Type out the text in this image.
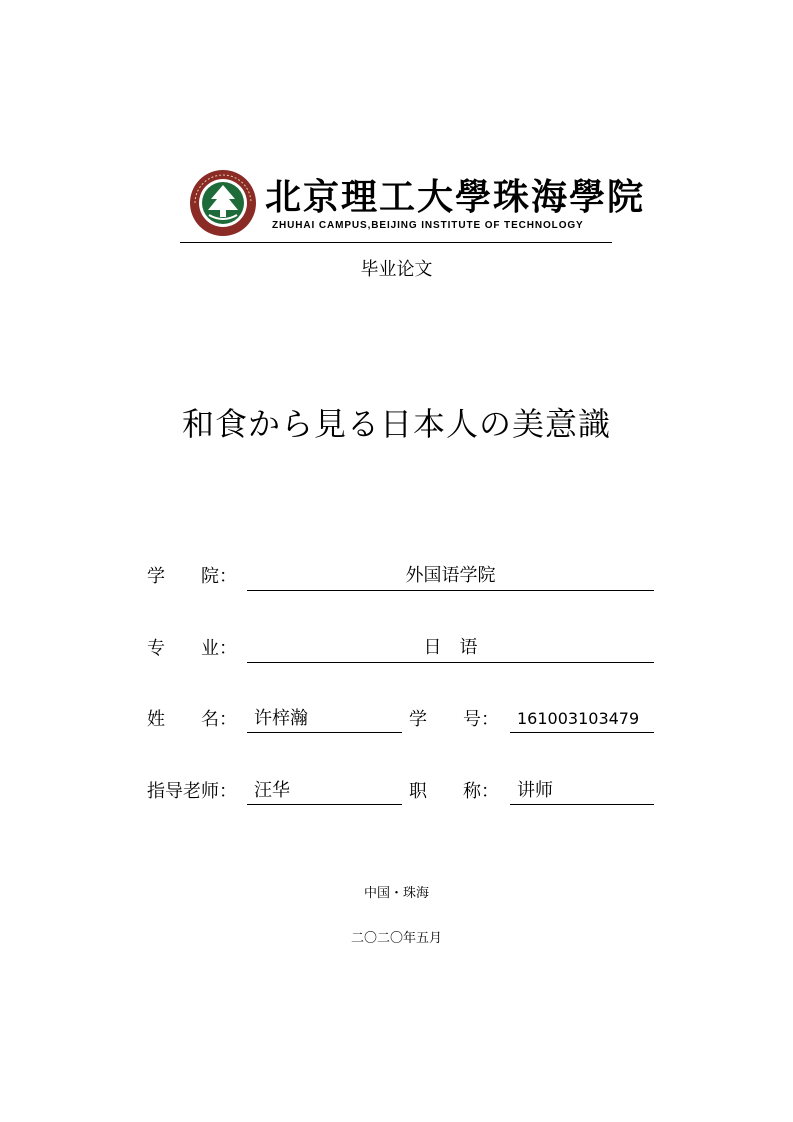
北京理工大學珠海學院
ZHUHAI CAMPUS,BEIJING INSTITUTE OF TECHNOLOGY
毕业论文
和食から見る日本人の美意識
学　　院：	外国语学院
专　　业：	日　语
姓　　名： 许梓瀚	学　　号：	161003103479
指导老师： 汪华	职　　称：	讲师
中国・珠海
二〇二〇年五月
